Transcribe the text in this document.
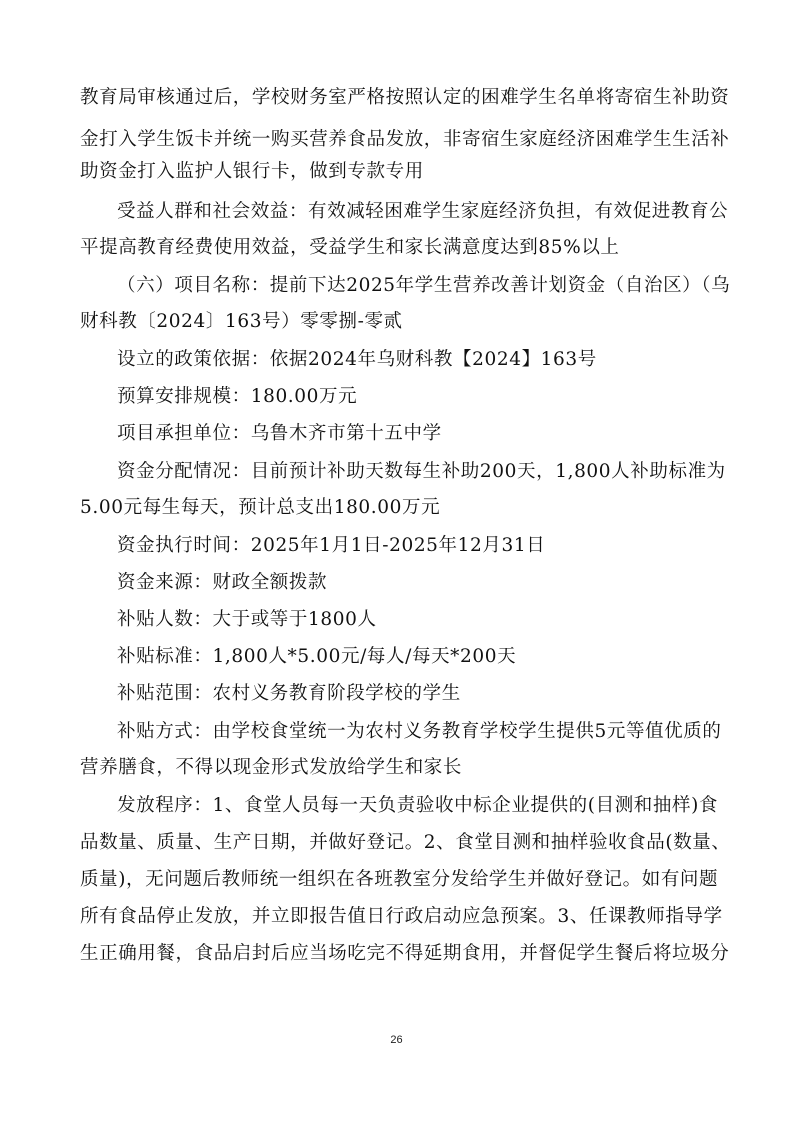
教育局审核通过后，学校财务室严格按照认定的困难学生名单将寄宿生补助资
金打入学生饭卡并统一购买营养食品发放，非寄宿生家庭经济困难学生生活补
助资金打入监护人银行卡，做到专款专用
受益人群和社会效益：有效减轻困难学生家庭经济负担，有效促进教育公
平提高教育经费使用效益，受益学生和家长满意度达到85%以上
（六）项目名称：提前下达2025年学生营养改善计划资金（自治区）（乌
财科教〔2024〕163号）零零捌-零贰
设立的政策依据：依据2024年乌财科教【2024】163号
预算安排规模：180.00万元
项目承担单位：乌鲁木齐市第十五中学
资金分配情况：目前预计补助天数每生补助200天，1,800人补助标准为
5.00元每生每天，预计总支出180.00万元
资金执行时间：2025年1月1日-2025年12月31日
资金来源：财政全额拨款
补贴人数：大于或等于1800人
补贴标准：1,800人*5.00元/每人/每天*200天
补贴范围：农村义务教育阶段学校的学生
补贴方式：由学校食堂统一为农村义务教育学校学生提供5元等值优质的
营养膳食，不得以现金形式发放给学生和家长
发放程序：1、食堂人员每一天负责验收中标企业提供的(目测和抽样)食
品数量、质量、生产日期，并做好登记。2、食堂目测和抽样验收食品(数量、
质量)，无问题后教师统一组织在各班教室分发给学生并做好登记。如有问题
所有食品停止发放，并立即报告值日行政启动应急预案。3、任课教师指导学
生正确用餐，食品启封后应当场吃完不得延期食用，并督促学生餐后将垃圾分
26
